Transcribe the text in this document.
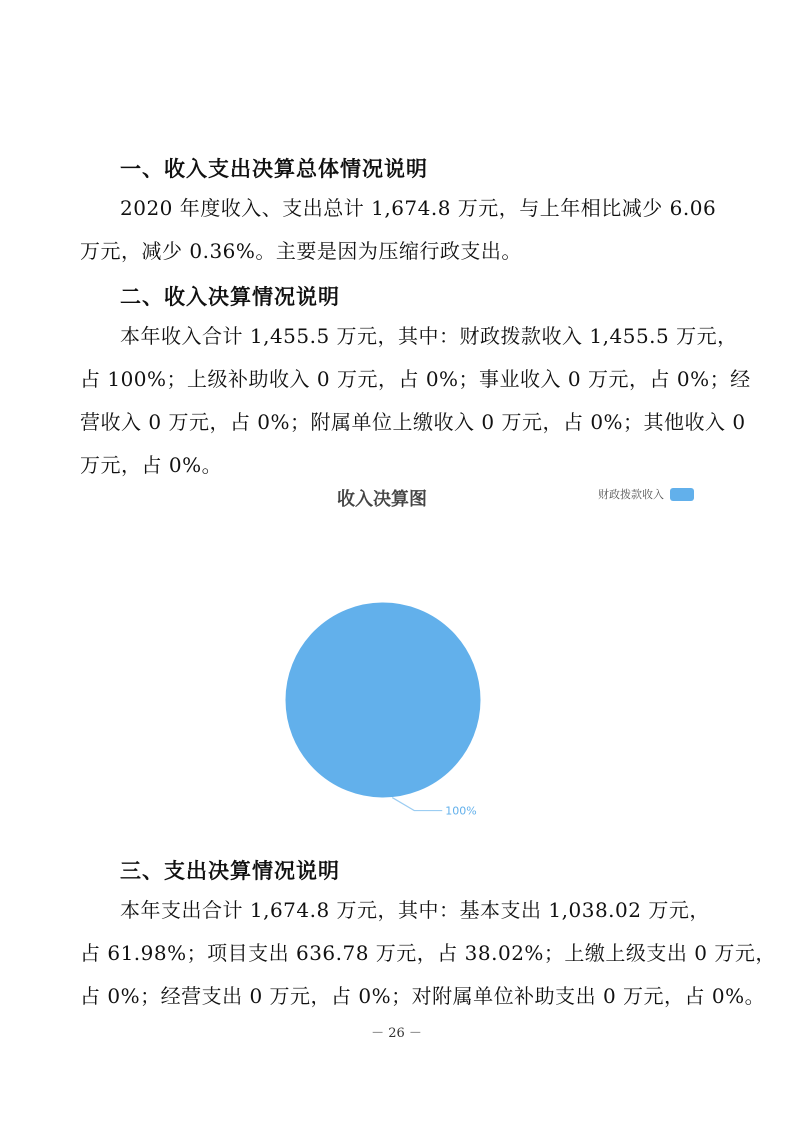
一、收入支出决算总体情况说明

2020 年度收入、支出总计 1,674.8 万元，与上年相比减少 6.06

万元，减少 0.36%。主要是因为压缩行政支出。

二、收入决算情况说明

本年收入合计 1,455.5 万元，其中：财政拨款收入 1,455.5 万元，

占 100%；上级补助收入 0 万元，占 0%；事业收入 0 万元，占 0%；经

营收入 0 万元，占 0%；附属单位上缴收入 0 万元，占 0%；其他收入 0

万元，占 0%。

收入决算图	财政拨款收入
100%
三、支出决算情况说明

本年支出合计 1,674.8 万元，其中：基本支出 1,038.02 万元，

占 61.98%；项目支出 636.78 万元，占 38.02%；上缴上级支出 0 万元，

占 0%；经营支出 0 万元，占 0%；对附属单位补助支出 0 万元，占 0%。

－ 26 －
